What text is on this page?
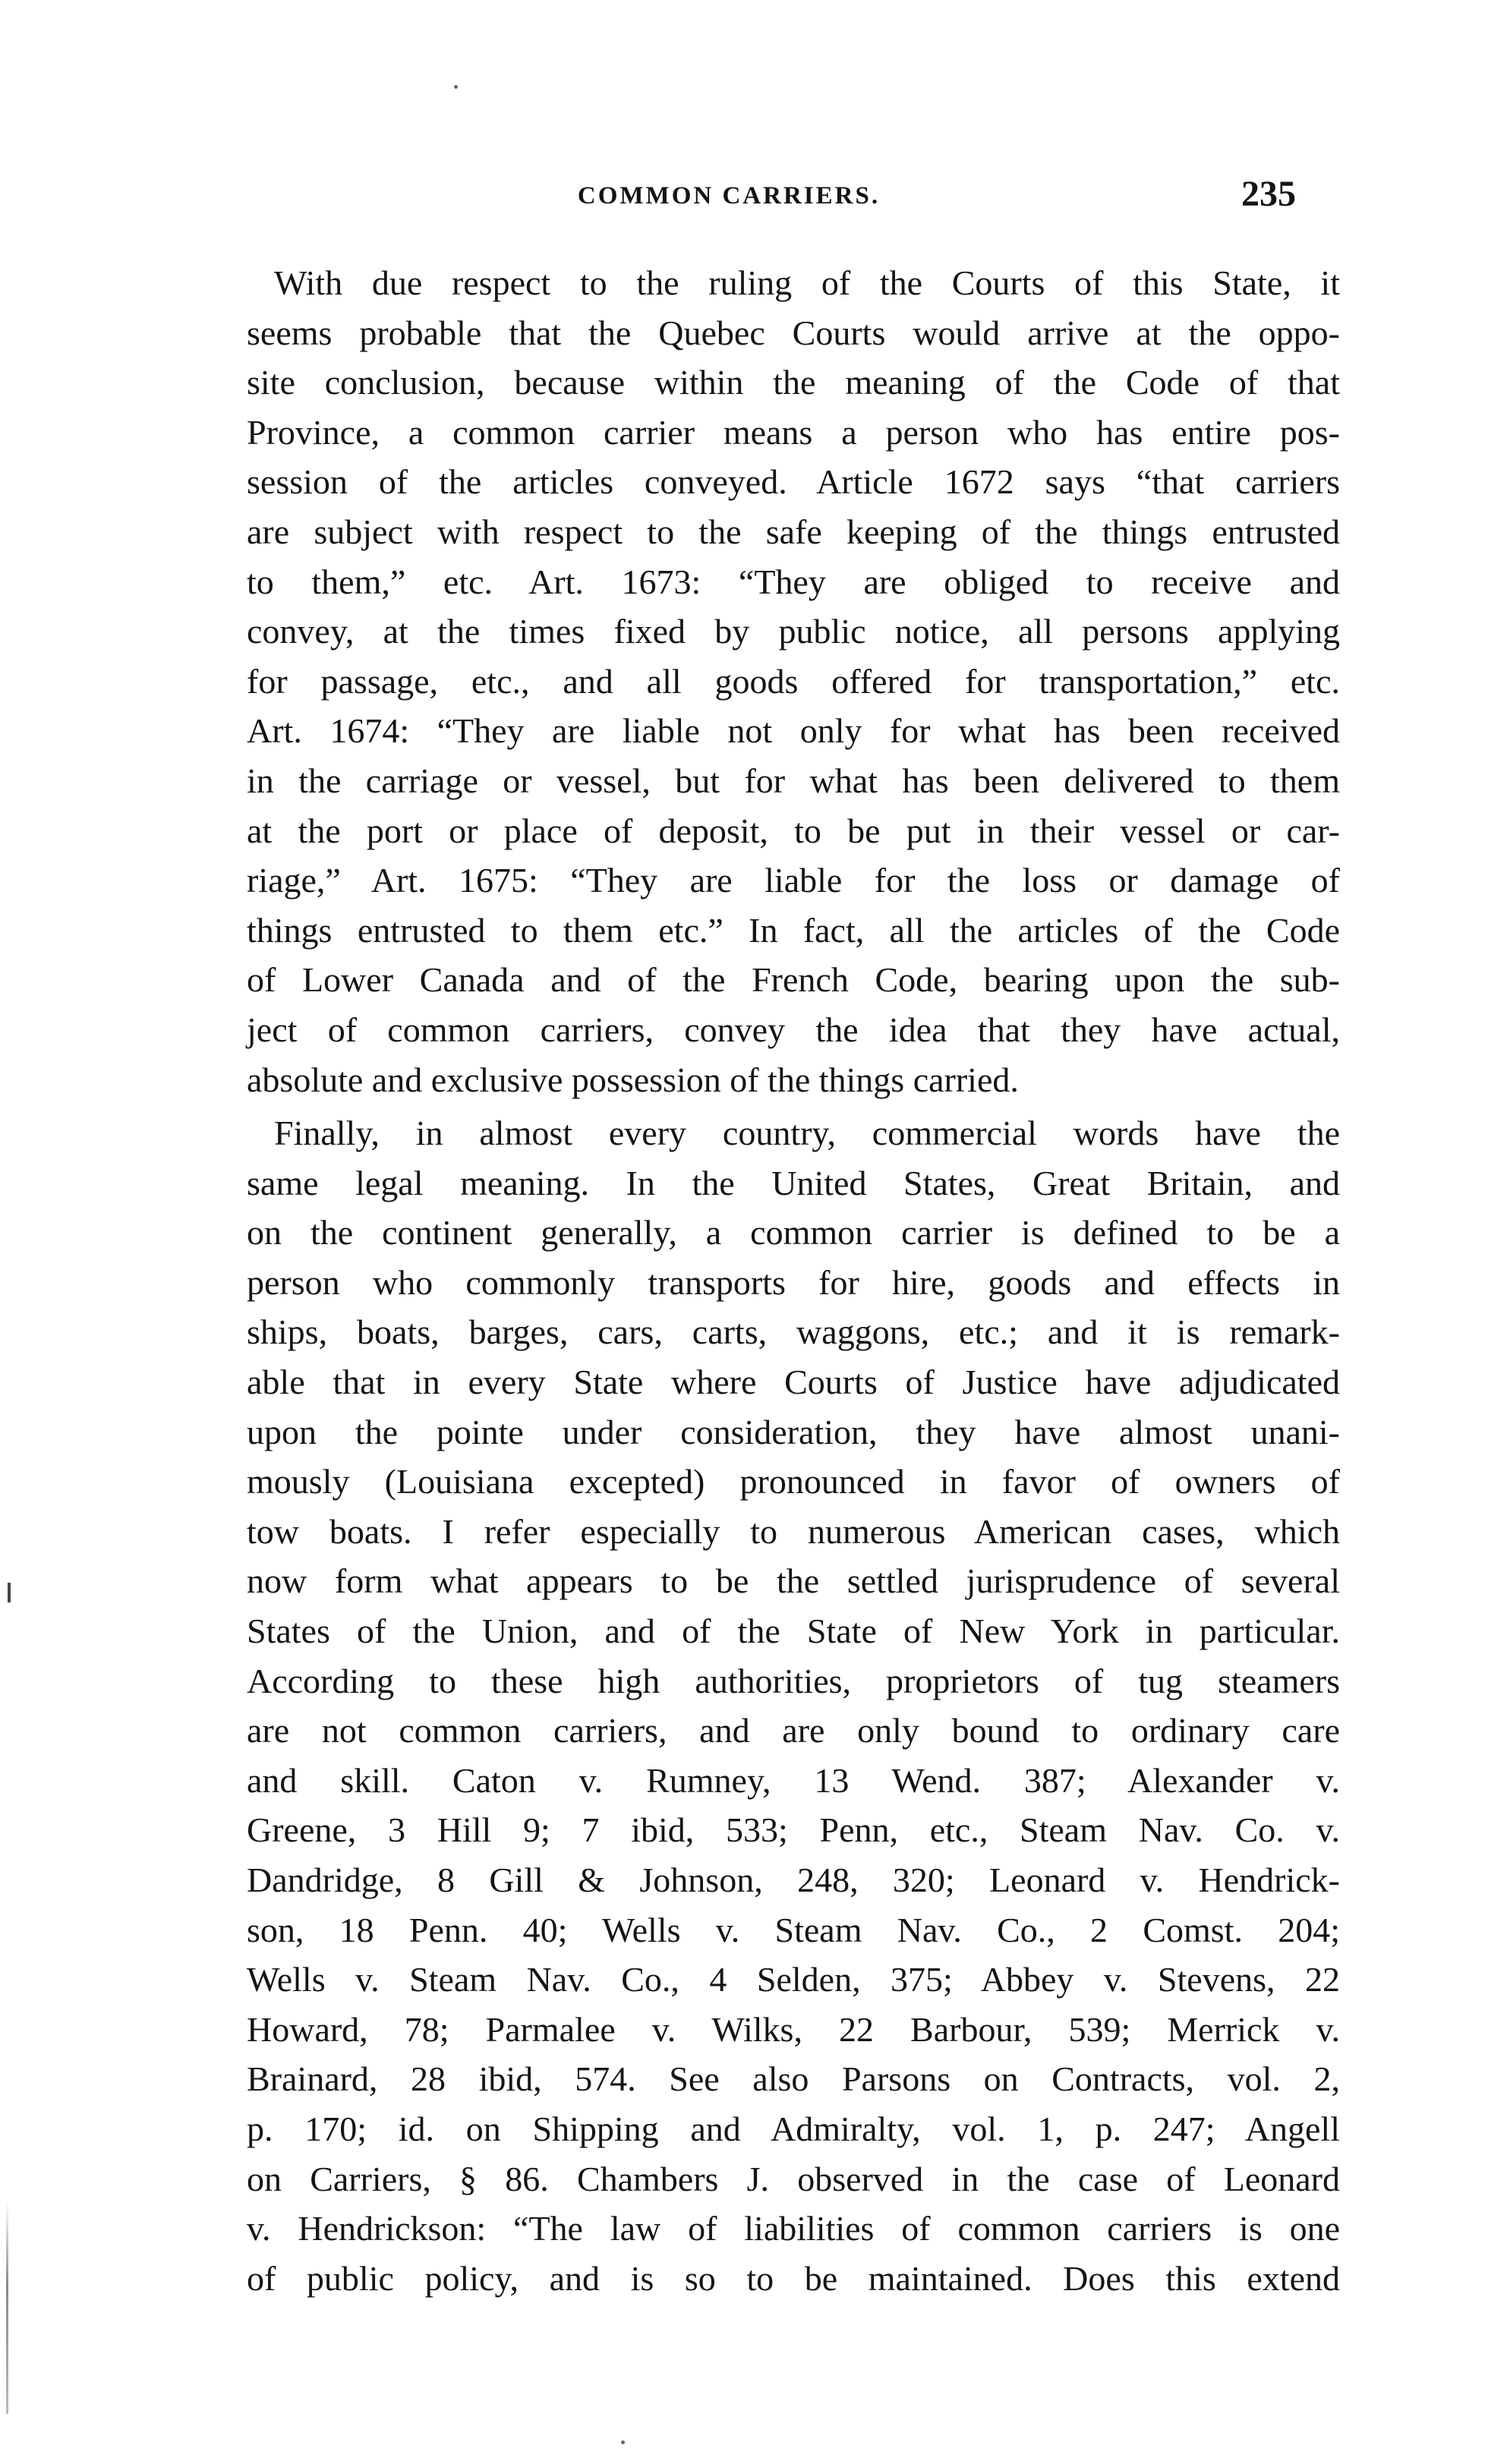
COMMON CARRIERS.	235
With due respect to the ruling of the Courts of this State, it
seems probable that the Quebec Courts would arrive at the oppo-
site conclusion, because within the meaning of the Code of that
Province, a common carrier means a person who has entire pos-
session of the articles conveyed. Article 1672 says “that carriers
are subject with respect to the safe keeping of the things entrusted
to them,” etc. Art. 1673: “They are obliged to receive and
convey, at the times fixed by public notice, all persons applying
for passage, etc., and all goods offered for transportation,” etc.
Art. 1674: “They are liable not only for what has been received
in the carriage or vessel, but for what has been delivered to them
at the port or place of deposit, to be put in their vessel or car-
riage,” Art. 1675: “They are liable for the loss or damage of
things entrusted to them etc.” In fact, all the articles of the Code
of Lower Canada and of the French Code, bearing upon the sub-
ject of common carriers, convey the idea that they have actual,
absolute and exclusive possession of the things carried.
Finally, in almost every country, commercial words have the
same legal meaning. In the United States, Great Britain, and
on the continent generally, a common carrier is defined to be a
person who commonly transports for hire, goods and effects in
ships, boats, barges, cars, carts, waggons, etc.; and it is remark-
able that in every State where Courts of Justice have adjudicated
upon the pointe under consideration, they have almost unani-
mously (Louisiana excepted) pronounced in favor of owners of
tow boats. I refer especially to numerous American cases, which
now form what appears to be the settled jurisprudence of several
States of the Union, and of the State of New York in particular.
According to these high authorities, proprietors of tug steamers
are not common carriers, and are only bound to ordinary care
and skill. Caton v. Rumney, 13 Wend. 387; Alexander v.
Greene, 3 Hill 9; 7 ibid, 533; Penn, etc., Steam Nav. Co. v.
Dandridge, 8 Gill & Johnson, 248, 320; Leonard v. Hendrick-
son, 18 Penn. 40; Wells v. Steam Nav. Co., 2 Comst. 204;
Wells v. Steam Nav. Co., 4 Selden, 375; Abbey v. Stevens, 22
Howard, 78; Parmalee v. Wilks, 22 Barbour, 539; Merrick v.
Brainard, 28 ibid, 574. See also Parsons on Contracts, vol. 2,
p. 170; id. on Shipping and Admiralty, vol. 1, p. 247; Angell
on Carriers, § 86. Chambers J. observed in the case of Leonard
v. Hendrickson: “The law of liabilities of common carriers is one
of public policy, and is so to be maintained. Does this extend
